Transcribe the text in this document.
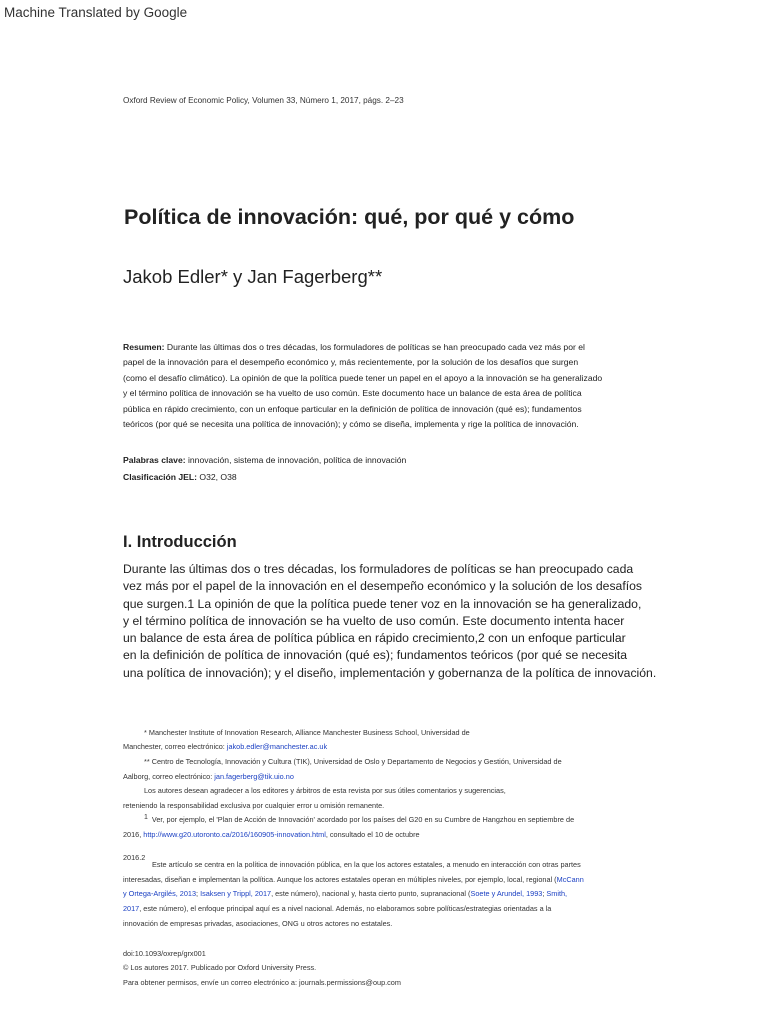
Machine Translated by Google
Oxford Review of Economic Policy, Volumen 33, Número 1, 2017, págs. 2–23
Política de innovación: qué, por qué y cómo
Jakob Edler* y Jan Fagerberg**
Resumen: Durante las últimas dos o tres décadas, los formuladores de políticas se han preocupado cada vez más por el
papel de la innovación para el desempeño económico y, más recientemente, por la solución de los desafíos que surgen
(como el desafío climático). La opinión de que la política puede tener un papel en el apoyo a la innovación se ha generalizado
y el término política de innovación se ha vuelto de uso común. Este documento hace un balance de esta área de política
pública en rápido crecimiento, con un enfoque particular en la definición de política de innovación (qué es); fundamentos
teóricos (por qué se necesita una política de innovación); y cómo se diseña, implementa y rige la política de innovación.
Palabras clave: innovación, sistema de innovación, política de innovación
Clasificación JEL: O32, O38
I. Introducción
Durante las últimas dos o tres décadas, los formuladores de políticas se han preocupado cada
vez más por el papel de la innovación en el desempeño económico y la solución de los desafíos
que surgen.1 La opinión de que la política puede tener voz en la innovación se ha generalizado,
y el término política de innovación se ha vuelto de uso común. Este documento intenta hacer
un balance de esta área de política pública en rápido crecimiento,2 con un enfoque particular
en la definición de política de innovación (qué es); fundamentos teóricos (por qué se necesita
una política de innovación); y el diseño, implementación y gobernanza de la política de innovación.
* Manchester Institute of Innovation Research, Alliance Manchester Business School, Universidad de
Manchester, correo electrónico: jakob.edler@manchester.ac.uk
** Centro de Tecnología, Innovación y Cultura (TIK), Universidad de Oslo y Departamento de Negocios y Gestión, Universidad de
Aalborg, correo electrónico: jan.fagerberg@tik.uio.no
Los autores desean agradecer a los editores y árbitros de esta revista por sus útiles comentarios y sugerencias,
reteniendo la responsabilidad exclusiva por cualquier error u omisión remanente.
1 Ver, por ejemplo, el 'Plan de Acción de Innovación' acordado por los países del G20 en su Cumbre de Hangzhou en septiembre de
2016, http://www.g20.utoronto.ca/2016/160905-innovation.html, consultado el 10 de octubre
2016.2
Este artículo se centra en la política de innovación pública, en la que los actores estatales, a menudo en interacción con otras partes
interesadas, diseñan e implementan la política. Aunque los actores estatales operan en múltiples niveles, por ejemplo, local, regional (McCann
y Ortega-Argilés, 2013; Isaksen y Trippl, 2017, este número), nacional y, hasta cierto punto, supranacional (Soete y Arundel, 1993; Smith,
2017, este número), el enfoque principal aquí es a nivel nacional. Además, no elaboramos sobre políticas/estrategias orientadas a la
innovación de empresas privadas, asociaciones, ONG u otros actores no estatales.
doi:10.1093/oxrep/grx001
© Los autores 2017. Publicado por Oxford University Press.
Para obtener permisos, envíe un correo electrónico a: journals.permissions@oup.com
